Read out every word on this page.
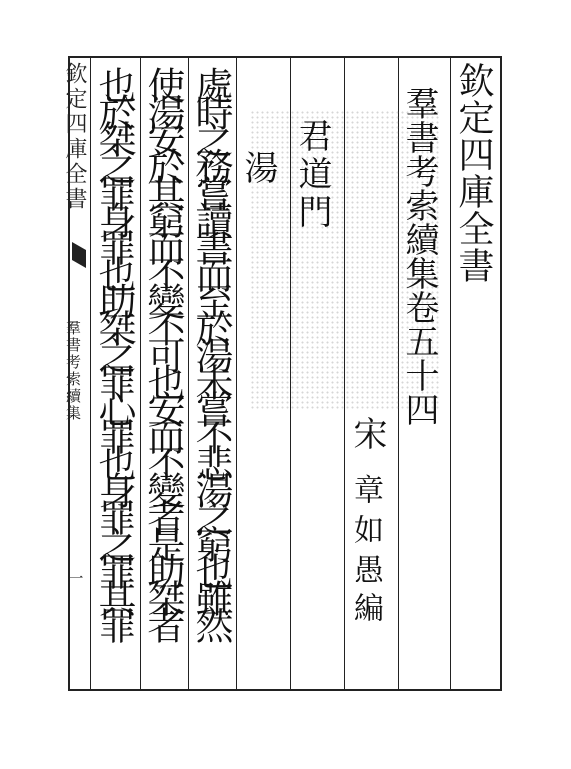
欽定四庫全書
羣書考索續集
一
欽定四庫全書
羣書考索續集卷五十四
宋
章如愚
編
君道門
湯
處時之務嘗讀書而至於湯未嘗不悲湯之窮也雖然
使湯安於其窮而不變不可也安而不變者是助桀者
也於桀之罪身罪也助桀之罪心罪也身罪之罪其罪
